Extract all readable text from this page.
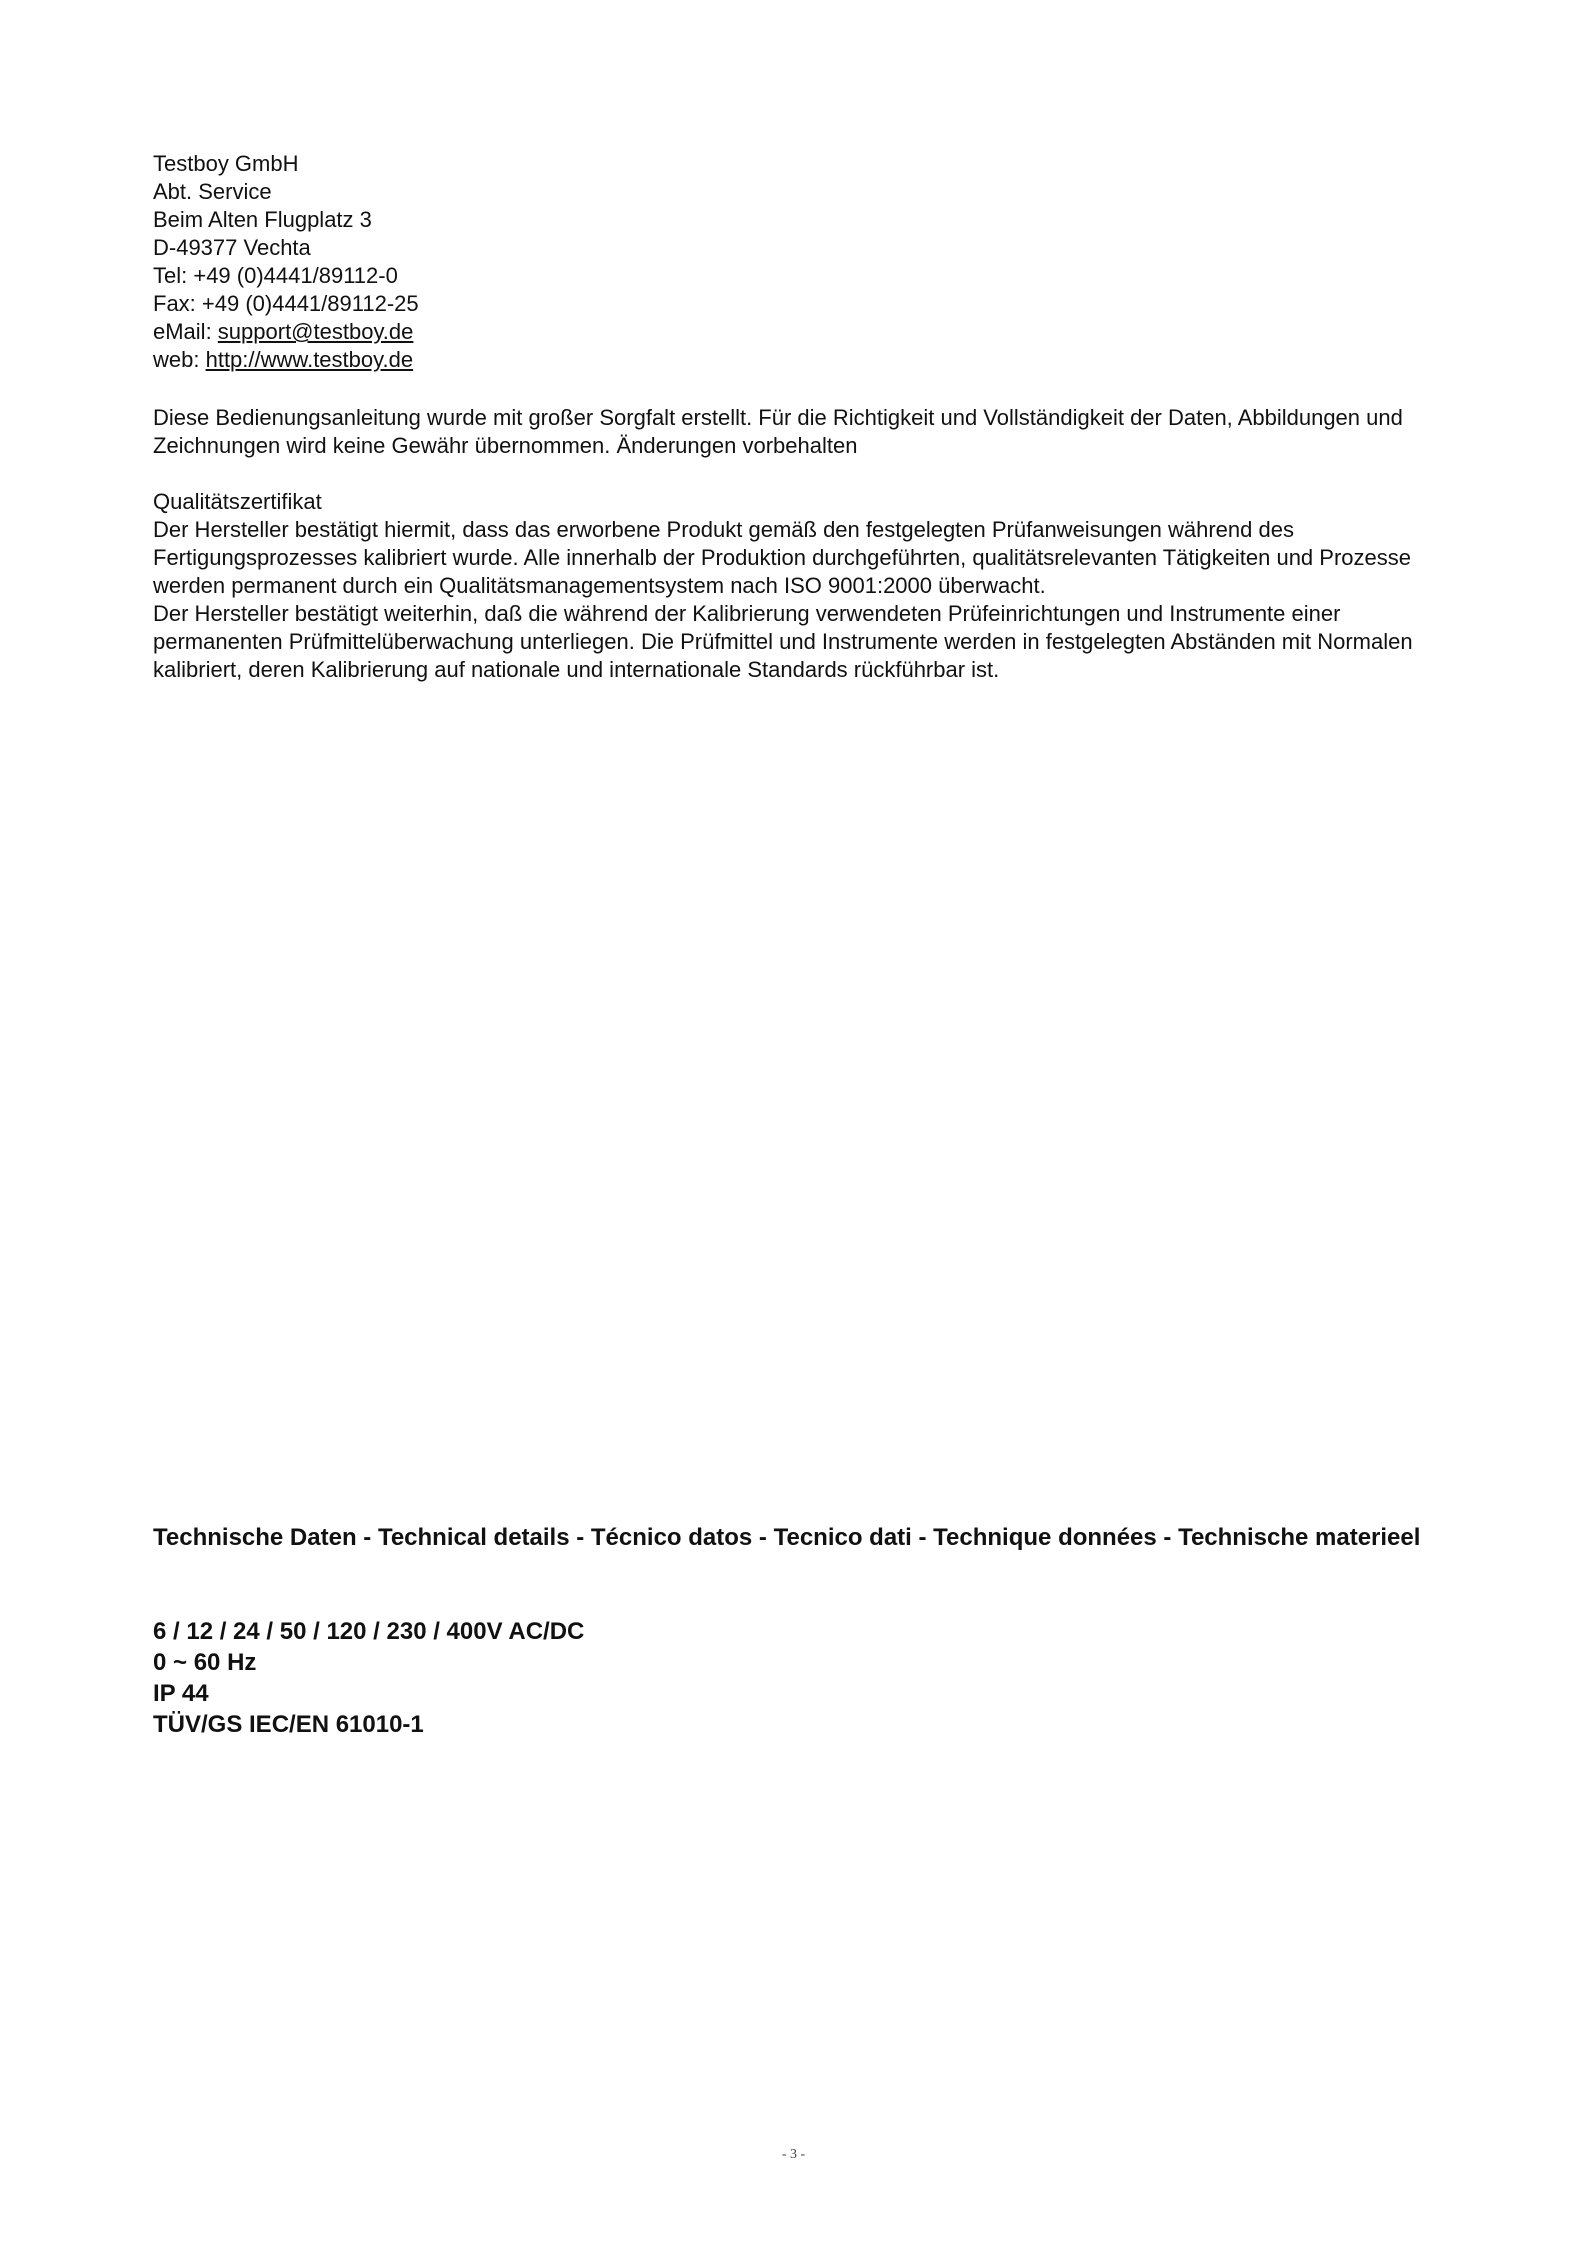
Testboy GmbH
Abt. Service
Beim Alten Flugplatz 3
D-49377 Vechta
Tel: +49 (0)4441/89112-0
Fax: +49 (0)4441/89112-25
eMail: support@testboy.de
web: http://www.testboy.de

Diese Bedienungsanleitung wurde mit großer Sorgfalt erstellt. Für die Richtigkeit und Vollständigkeit der Daten, Abbildungen und Zeichnungen wird keine Gewähr übernommen. Änderungen vorbehalten

Qualitätszertifikat

Der Hersteller bestätigt hiermit, dass das erworbene Produkt gemäß den festgelegten Prüfanweisungen während des Fertigungsprozesses kalibriert wurde. Alle innerhalb der Produktion durchgeführten, qualitätsrelevanten Tätigkeiten und Prozesse werden permanent durch ein Qualitätsmanagementsystem nach ISO 9001:2000 überwacht.

Der Hersteller bestätigt weiterhin, daß die während der Kalibrierung verwendeten Prüfeinrichtungen und Instrumente einer permanenten Prüfmittelüberwachung unterliegen. Die Prüfmittel und Instrumente werden in festgelegten Abständen mit Normalen kalibriert, deren Kalibrierung auf nationale und internationale Standards rückführbar ist.

Technische Daten - Technical details - Técnico datos - Tecnico dati - Technique données - Technische materieel

6 / 12 / 24 / 50 / 120 / 230 / 400V AC/DC
0 ~ 60 Hz
IP 44
TÜV/GS IEC/EN 61010-1
- 3 -
